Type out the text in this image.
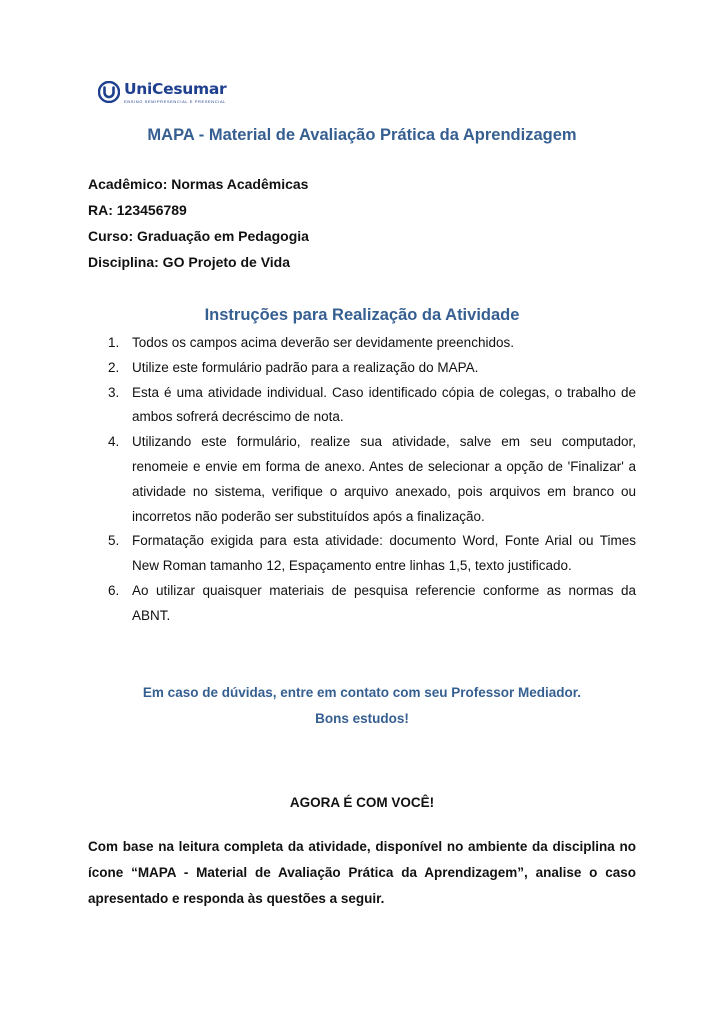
UniCesumar
ENSINO SEMIPRESENCIAL E PRESENCIAL
MAPA - Material de Avaliação Prática da Aprendizagem
Acadêmico: Normas Acadêmicas
RA: 123456789
Curso: Graduação em Pedagogia
Disciplina: GO Projeto de Vida
Instruções para Realização da Atividade
1. Todos os campos acima deverão ser devidamente preenchidos.
2. Utilize este formulário padrão para a realização do MAPA.
3. Esta é uma atividade individual. Caso identificado cópia de colegas, o trabalho de ambos sofrerá decréscimo de nota.
4. Utilizando este formulário, realize sua atividade, salve em seu computador, renomeie e envie em forma de anexo. Antes de selecionar a opção de 'Finalizar' a atividade no sistema, verifique o arquivo anexado, pois arquivos em branco ou incorretos não poderão ser substituídos após a finalização.
5. Formatação exigida para esta atividade: documento Word, Fonte Arial ou Times New Roman tamanho 12, Espaçamento entre linhas 1,5, texto justificado.
6. Ao utilizar quaisquer materiais de pesquisa referencie conforme as normas da ABNT.
Em caso de dúvidas, entre em contato com seu Professor Mediador.
Bons estudos!
AGORA É COM VOCÊ!
Com base na leitura completa da atividade, disponível no ambiente da disciplina no ícone “MAPA - Material de Avaliação Prática da Aprendizagem”, analise o caso apresentado e responda às questões a seguir.
